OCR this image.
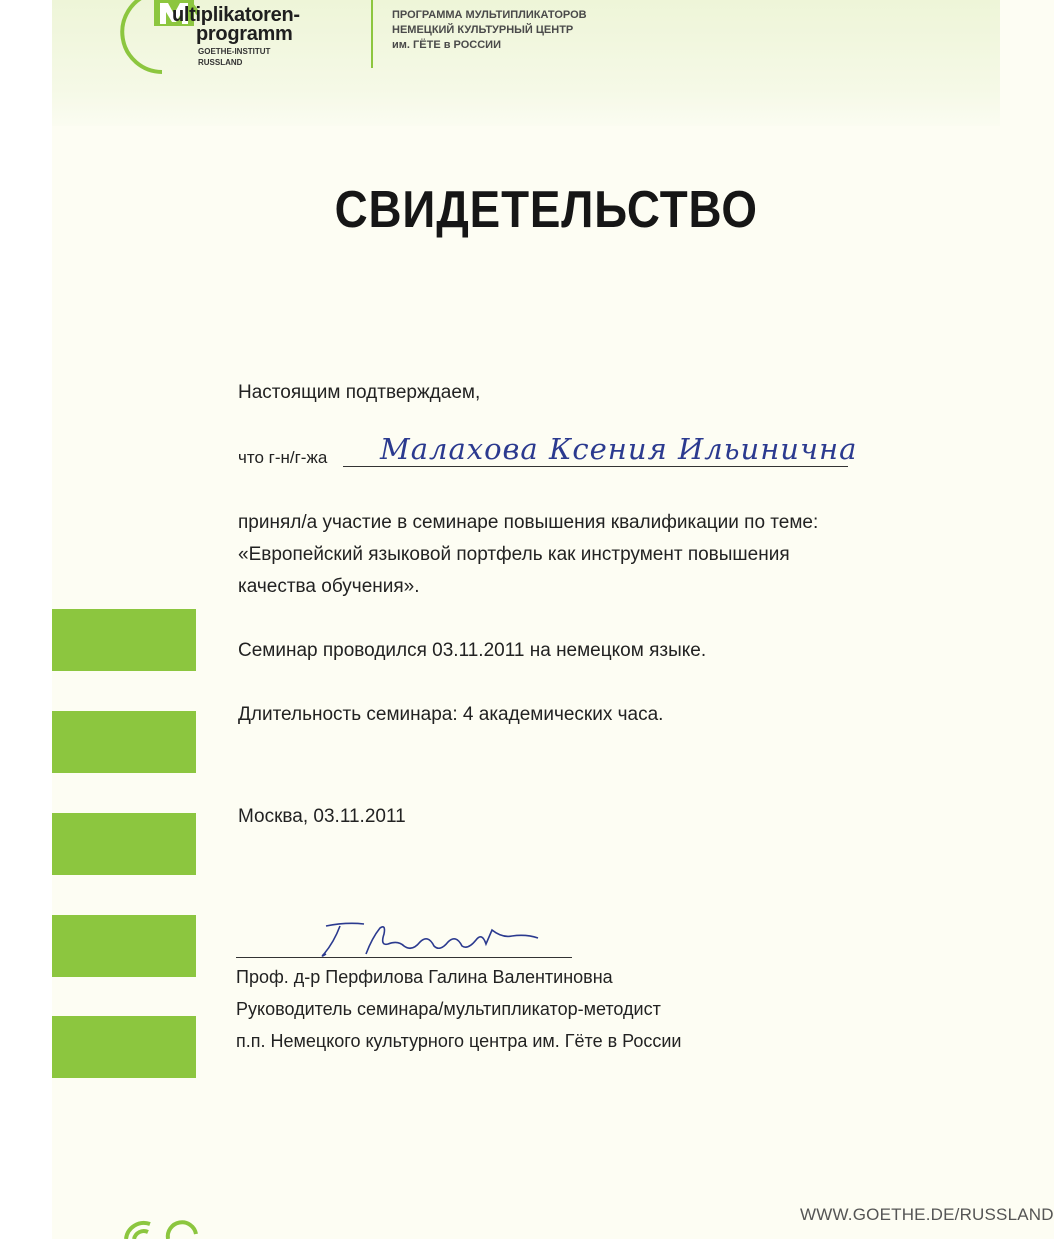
ultiplikatoren-
programm
GOETHE-INSTITUT
RUSSLAND
ПРОГРАММА МУЛЬТИПЛИКАТОРОВ
НЕМЕЦКИЙ КУЛЬТУРНЫЙ ЦЕНТР
им. ГЁТЕ в РОССИИ
СВИДЕТЕЛЬСТВО
Настоящим подтверждаем,
что г-н/г-жа Малахова Ксения Ильинична
принял/а участие в семинаре повышения квалификации по теме:
«Европейский языковой портфель как инструмент повышения
качества обучения».
Семинар проводился 03.11.2011 на немецком языке.
Длительность семинара: 4 академических часа.
Москва, 03.11.2011
Проф. д-р Перфилова Галина Валентиновна
Руководитель семинара/мультипликатор-методист
п.п. Немецкого культурного центра им. Гёте в России
WWW.GOETHE.DE/RUSSLAND
